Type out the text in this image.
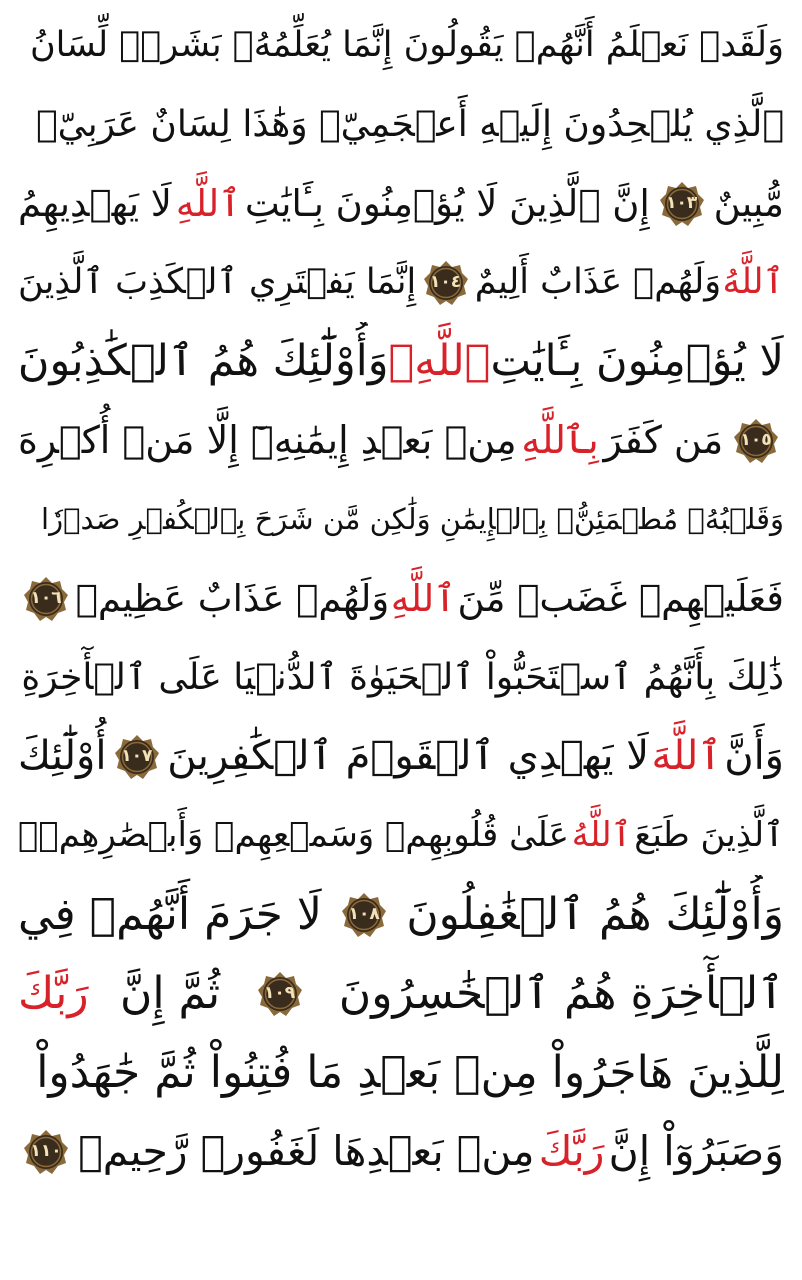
وَلَقَدۡ نَعۡلَمُ أَنَّهُمۡ يَقُولُونَ إِنَّمَا يُعَلِّمُهُۥ بَشَرٞۗ لِّسَانُ
ٱلَّذِي يُلۡحِدُونَ إِلَيۡهِ أَعۡجَمِيّٞ وَهَٰذَا لِسَانٌ عَرَبِيّٞ
مُّبِينٌ
١٠٣
إِنَّ ٱلَّذِينَ لَا يُؤۡمِنُونَ بِـَٔايَٰتِ
ٱللَّهِ
لَا يَهۡدِيهِمُ
ٱللَّهُ
وَلَهُمۡ عَذَابٌ أَلِيمٌ
١٠٤
إِنَّمَا يَفۡتَرِي ٱلۡكَذِبَ ٱلَّذِينَ
لَا يُؤۡمِنُونَ بِـَٔايَٰتِ
ٱللَّهِۖ
وَأُوْلَٰٓئِكَ هُمُ ٱلۡكَٰذِبُونَ
١٠٥
مَن كَفَرَ
بِٱللَّهِ
مِنۢ بَعۡدِ إِيمَٰنِهِۦٓ إِلَّا مَنۡ أُكۡرِهَ
وَقَلۡبُهُۥ مُطۡمَئِنُّۢ بِٱلۡإِيمَٰنِ وَلَٰكِن مَّن شَرَحَ بِٱلۡكُفۡرِ صَدۡرٗا
فَعَلَيۡهِمۡ غَضَبٞ مِّنَ
ٱللَّهِ
وَلَهُمۡ عَذَابٌ عَظِيمٞ
١٠٦
ذَٰلِكَ بِأَنَّهُمُ ٱسۡتَحَبُّواْ ٱلۡحَيَوٰةَ ٱلدُّنۡيَا عَلَى ٱلۡأٓخِرَةِ
وَأَنَّ
ٱللَّهَ
لَا يَهۡدِي ٱلۡقَوۡمَ ٱلۡكَٰفِرِينَ
١٠٧
أُوْلَٰٓئِكَ
ٱلَّذِينَ طَبَعَ
ٱللَّهُ
عَلَىٰ قُلُوبِهِمۡ وَسَمۡعِهِمۡ وَأَبۡصَٰرِهِمۡۖ
وَأُوْلَٰٓئِكَ هُمُ ٱلۡغَٰفِلُونَ
١٠٨
لَا جَرَمَ أَنَّهُمۡ فِي
ٱلۡأٓخِرَةِ هُمُ ٱلۡخَٰسِرُونَ
١٠٩
ثُمَّ إِنَّ
رَبَّكَ
لِلَّذِينَ هَاجَرُواْ مِنۢ بَعۡدِ مَا فُتِنُواْ ثُمَّ جَٰهَدُواْ
وَصَبَرُوٓاْ إِنَّ
رَبَّكَ
مِنۢ بَعۡدِهَا لَغَفُورٞ رَّحِيمٞ
١١٠
